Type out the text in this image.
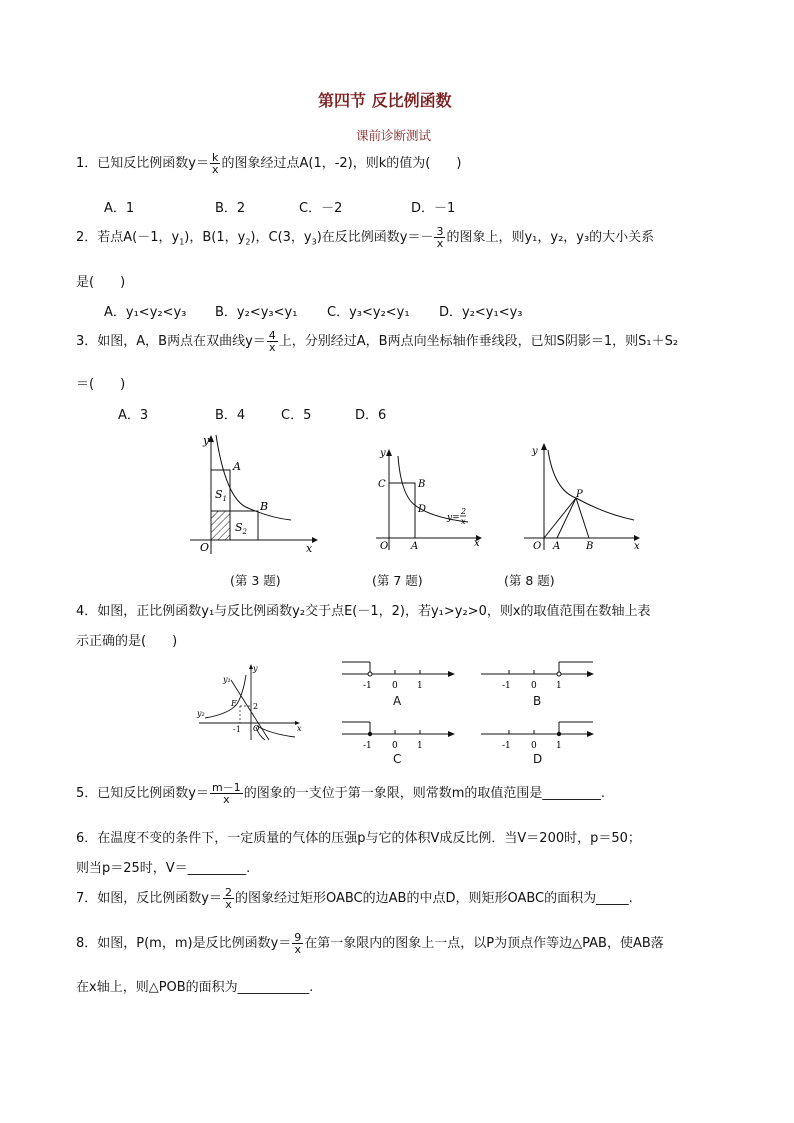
第四节 反比例函数
课前诊断测试
1．已知反比例函数$y= \frac{k}{x}$ 的图象经过点A(1，-2)，则k的值为(　　)
A．1	B．2	C．－2	D．－1
2．若点A(－1，$y_1$)，B(1，$y_2$)，C(3，$y_3$)在反比例函数$y=- \frac{3}{x}$ 的图象上，则y₁，y₂，y₃的大小关系
是(　　)
A．y₁<y₂<y₃ B．y₂<y₃<y₁ C．y₃<y₂<y₁ D．y₂<y₁<y₃
3．如图，A，B两点在双曲线$y= \frac{4}{x}$ 上，分别经过A，B两点向坐标轴作垂线段，已知S阴影＝1，则S₁＋S₂
＝(　　)
A．3	B．4	C．5	D．6
y
x
O
A
B
$S_1$
$S_2$
(第 3 题)
y
x
O A
B
C
D
y=
2
x
(第 7 题)
y
x
O A	B
P
(第 8 题)
4．如图，正比例函数y₁与反比例函数y₂交于点E(－1，2)，若y₁>y₂>0，则x的取值范围在数轴上表
示正确的是(　　)
y₁
y₂
y
x
O
E 2
-1
-1 0 1
A
-1 0 1
B
-1 0 1
C
-1 0 1
D
5．已知反比例函数$y= \frac{m-1}{x}$ 的图象的一支位于第一象限，则常数m的取值范围是_________.
6．在温度不变的条件下，一定质量的气体的压强p与它的体积V成反比例．当V＝200时，p＝50；
则当p＝25时，V＝_________.
7．如图，反比例函数$y= \frac{2}{x}$ 的图象经过矩形OABC的边AB的中点D，则矩形OABC的面积为_____.
8．如图，P(m，m)是反比例函数$y= \frac{9}{x}$ 在第一象限内的图象上一点，以P为顶点作等边△PAB，使AB落
在x轴上，则△POB的面积为___________.
